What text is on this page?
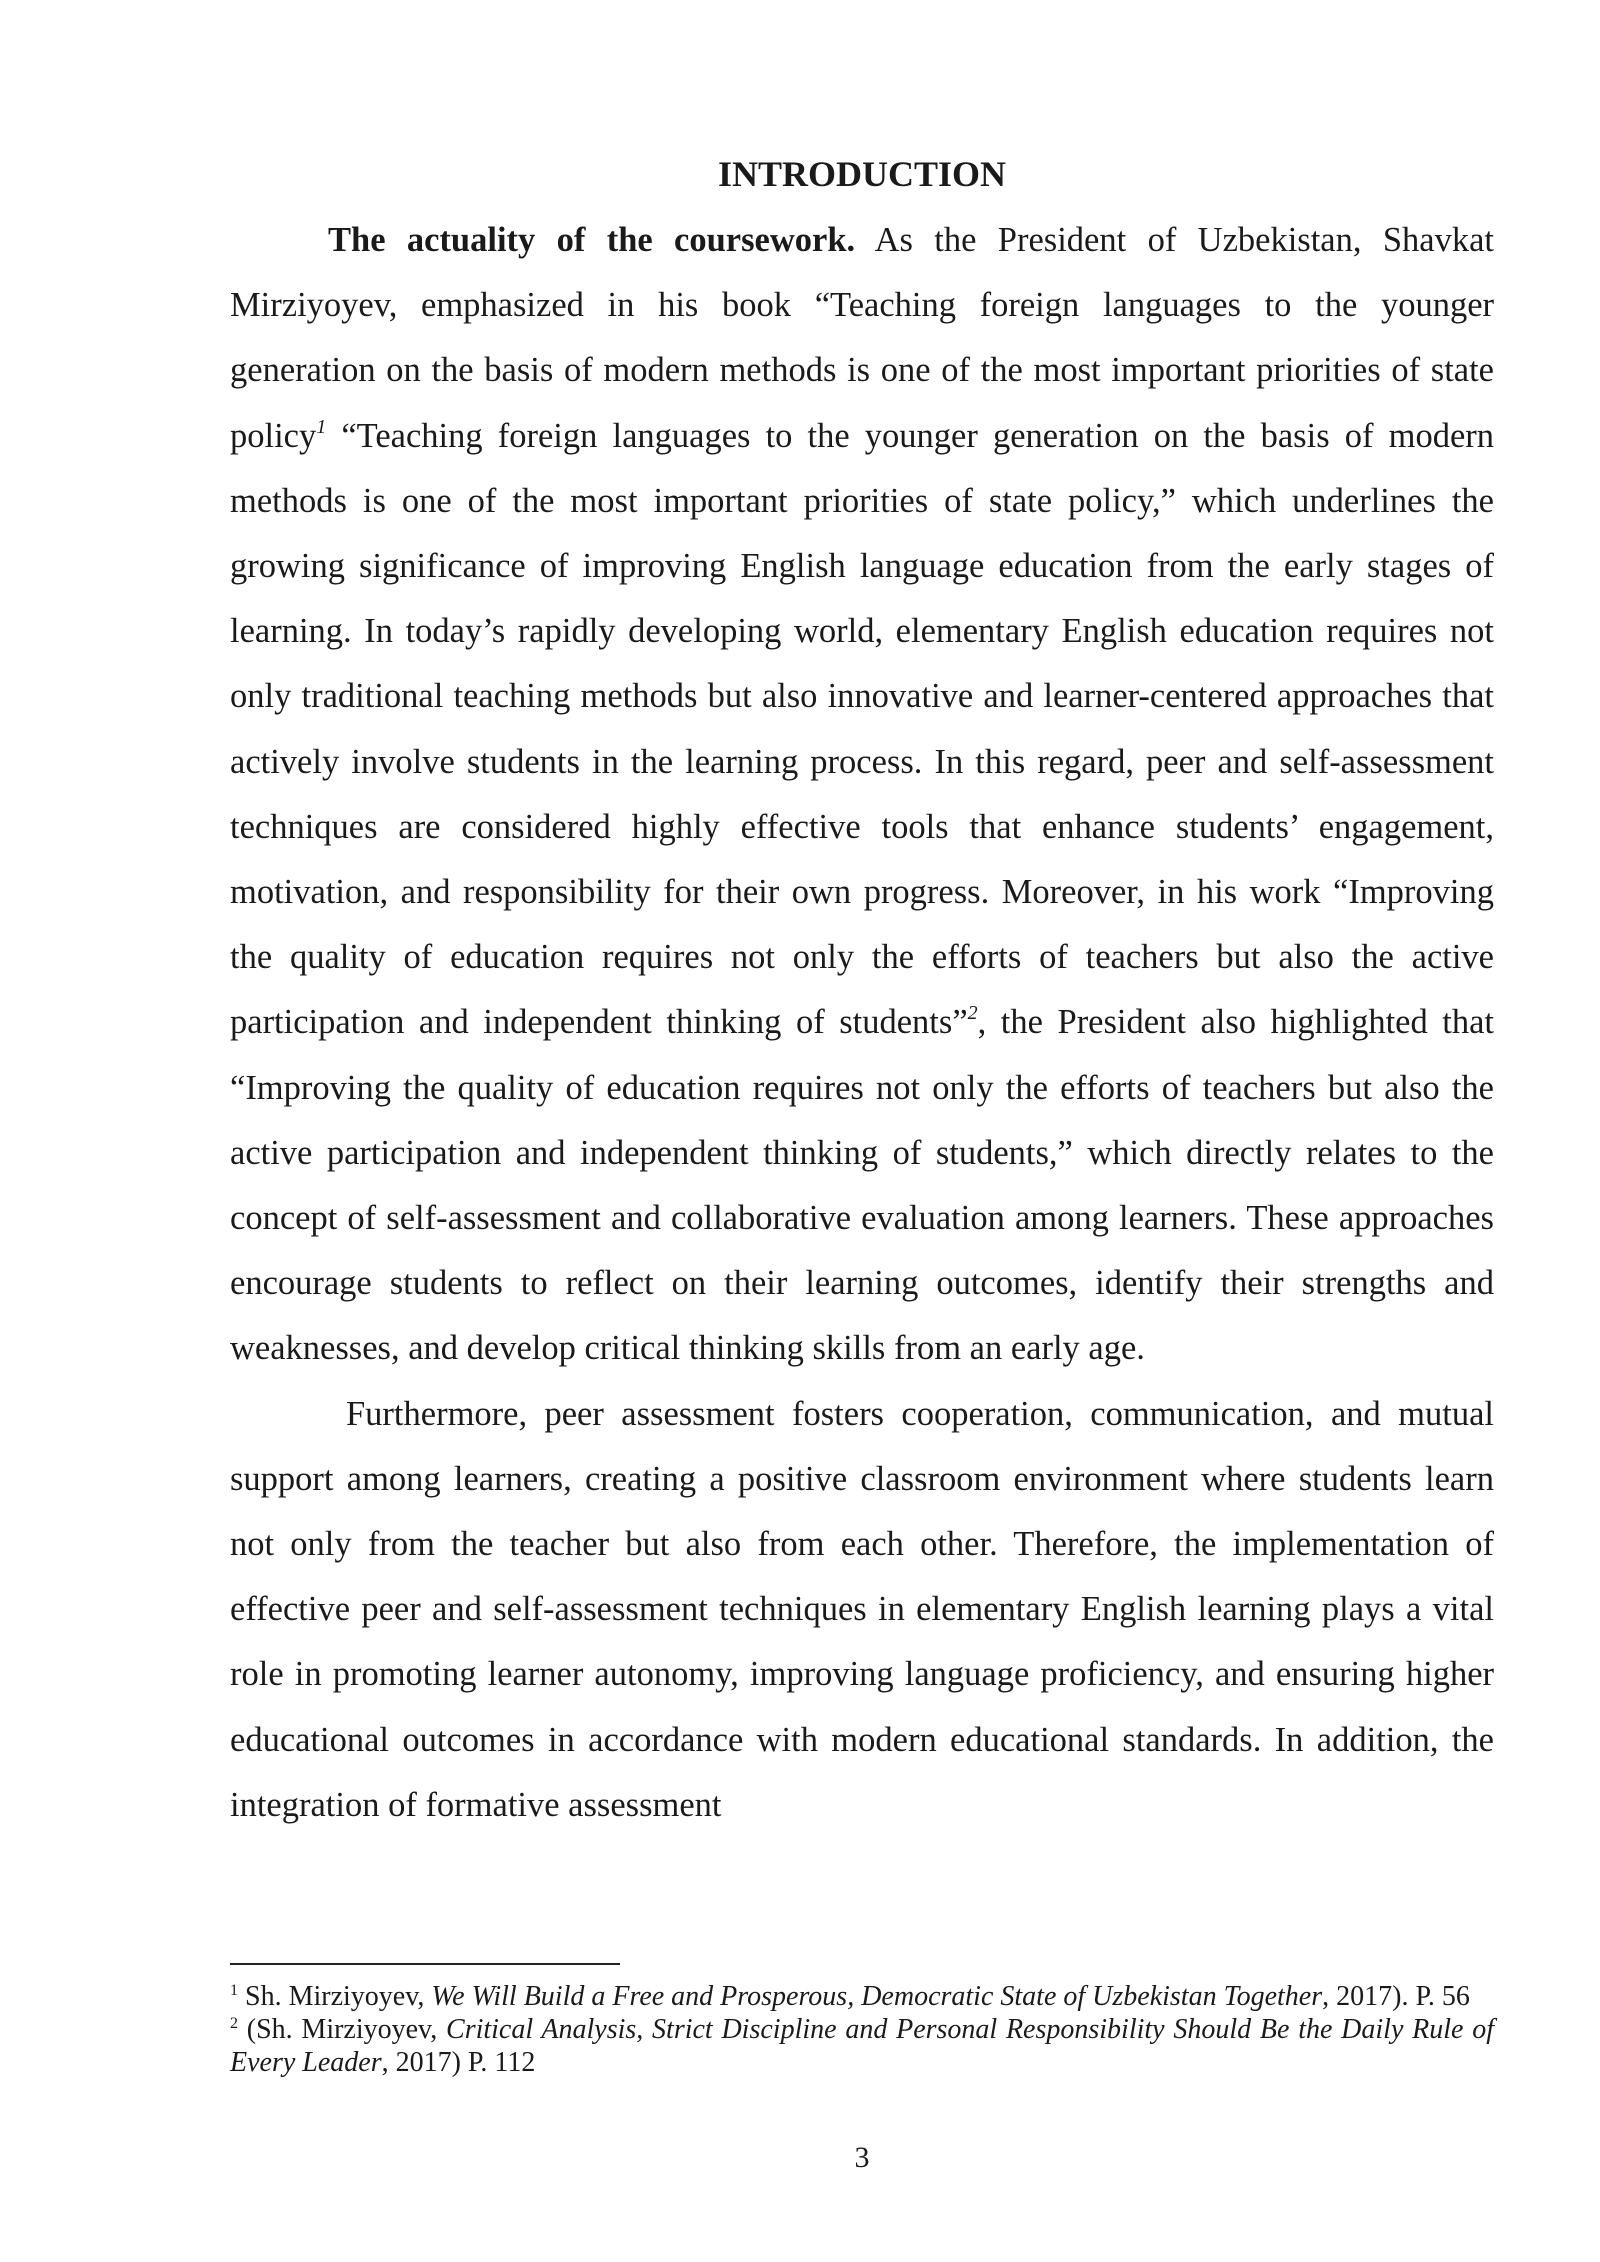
INTRODUCTION

The actuality of the coursework. As the President of Uzbekistan, Shavkat Mirziyoyev, emphasized in his book “Teaching foreign languages to the younger generation on the basis of modern methods is one of the most important priorities of state policy$^1$ “Teaching foreign languages to the younger generation on the basis of modern methods is one of the most important priorities of state policy,” which underlines the growing significance of improving English language education from the early stages of learning. In today’s rapidly developing world, elementary English education requires not only traditional teaching methods but also innovative and learner-centered approaches that actively involve students in the learning process. In this regard, peer and self-assessment techniques are considered highly effective tools that enhance students’ engagement, motivation, and responsibility for their own progress. Moreover, in his work “Improving the quality of education requires not only the efforts of teachers but also the active participation and independent thinking of students”$^2$, the President also highlighted that “Improving the quality of education requires not only the efforts of teachers but also the active participation and independent thinking of students,” which directly relates to the concept of self-assessment and collaborative evaluation among learners. These approaches encourage students to reflect on their learning outcomes, identify their strengths and weaknesses, and develop critical thinking skills from an early age.

Furthermore, peer assessment fosters cooperation, communication, and mutual support among learners, creating a positive classroom environment where students learn not only from the teacher but also from each other. Therefore, the implementation of effective peer and self-assessment techniques in elementary English learning plays a vital role in promoting learner autonomy, improving language proficiency, and ensuring higher educational outcomes in accordance with modern educational standards. In addition, the integration of formative assessment

$^1$ Sh. Mirziyoyev, We Will Build a Free and Prosperous, Democratic State of Uzbekistan Together, 2017). P. 56

$^2$ (Sh. Mirziyoyev, Critical Analysis, Strict Discipline and Personal Responsibility Should Be the Daily Rule of Every Leader, 2017) P. 112

3
